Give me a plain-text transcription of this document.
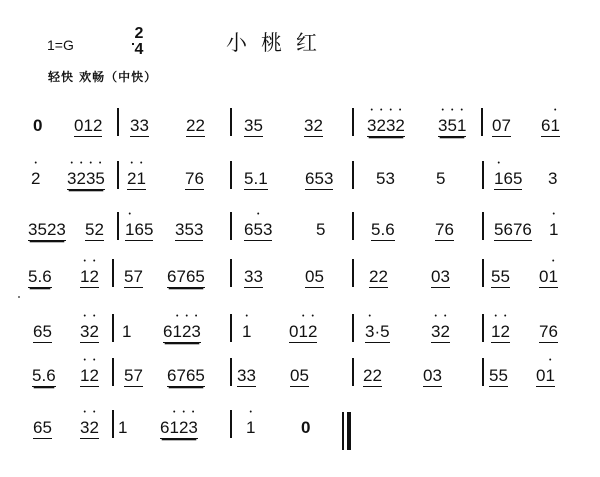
1=G
2
4	小桃红
轻快 欢畅（中快）
0 012 33 22 35 32	• 3• 2• 3• 2 • 3• 5• 1 07 6• 1
• 2 • 3• 2• 3• 5 • 2• 1 76 5.1 653	53 5	• 165 3
3523 52 • 165 353 6• 53	5	5.6 76 5676 • 1
5.6 • 1• 2 57 6765 33 05	22	03 55 0• 1
65 • 3• 2 1 6• 1• 2• 3 • 1 0• 1• 2	• 3·5 • 3• 2 • 1• 2 76
5.6 • 1• 2 57 6765 33 05	22 03	55 0• 1
65 • 3• 2 1 6• 1• 2• 3	• 1	0
